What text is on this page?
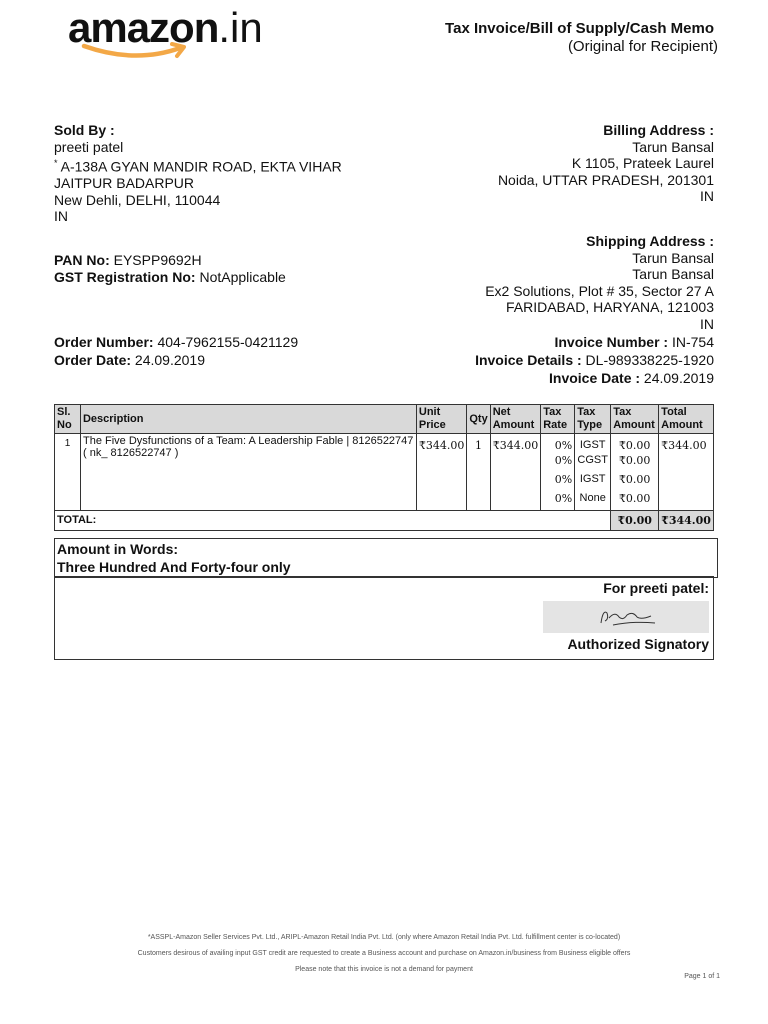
amazon.in	Tax Invoice/Bill of Supply/Cash Memo
(Original for Recipient)
Sold By :
preeti patel
* A-138A GYAN MANDIR ROAD, EKTA VIHAR
JAITPUR BADARPUR
New Dehli, DELHI, 110044
IN
Billing Address :
Tarun Bansal
K 1105, Prateek Laurel
Noida, UTTAR PRADESH, 201301
IN
PAN No: EYSPP9692H
GST Registration No: NotApplicable
Shipping Address :
Tarun Bansal
Tarun Bansal
Ex2 Solutions, Plot # 35, Sector 27 A
FARIDABAD, HARYANA, 121003
IN
Order Number: 404-7962155-0421129
Order Date: 24.09.2019
Invoice Number : IN-754
Invoice Details : DL-989338225-1920
Invoice Date : 24.09.2019
Sl. No	Description	Unit Price	Qty	Net Amount	Tax Rate	Tax Type	Tax Amount	Total Amount
1	The Five Dysfunctions of a Team: A Leadership Fable | 8126522747 ( nk_ 8126522747 )	₹344.00	1	₹344.00	0%	IGST	₹0.00	₹344.00
					0%	CGST	₹0.00	
					0%	IGST	₹0.00	
					0%	None	₹0.00	
TOTAL:							₹0.00	₹344.00
Amount in Words:
Three Hundred And Forty-four only
For preeti patel:
Authorized Signatory
*ASSPL-Amazon Seller Services Pvt. Ltd., ARIPL-Amazon Retail India Pvt. Ltd. (only where Amazon Retail India Pvt. Ltd. fulfillment center is co-located)
Customers desirous of availing input GST credit are requested to create a Business account and purchase on Amazon.in/business from Business eligible offers
Please note that this invoice is not a demand for payment
Page 1 of 1
